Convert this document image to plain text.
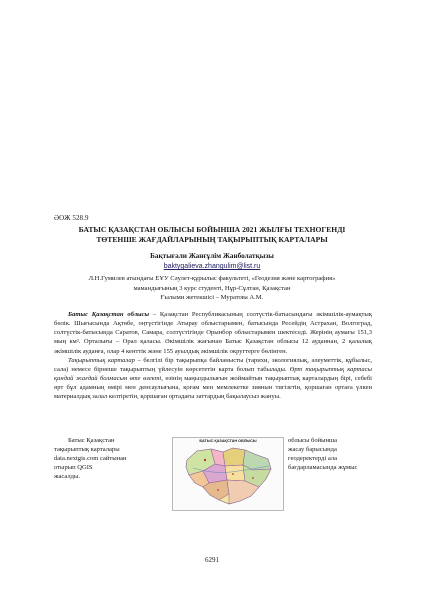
ӘОЖ 528.9
БАТЫС ҚАЗАҚСТАН ОБЛЫСЫ БОЙЫНША 2021 ЖЫЛҒЫ ТЕХНОГЕНДІ
ТӨТЕНШЕ ЖАҒДАЙЛАРЫНЫҢ ТАҚЫРЫПТЫҚ КАРТАЛАРЫ
Бақтығали Жанғұлім Жанболатқызы
baktygalieva.zhangulim@list.ru
Л.Н.Гумилев атындағы ЕҰУ Сәулет-құрылыс факультеті, «Геодезия және картография»
мамандығының 3 курс студенті, Нұр-Сұлтан, Қазақстан
Ғылыми жетекшісі – Муратова А.М.

Батыс Қазақстан облысы – Қазақстан Республикасының солтүстік-батысындағы әкімшілік-аумақтық бөлік. Шығысында Ақтөбе, оңтүстігінде Атырау облыстарымен, батысында Ресейдің Астрахан, Волгоград, солтүстік-батысында Саратов, Самара, солтүстігінде Орынбор облыстарымен шектеседі. Жерінің аумағы 151,3 мың км². Орталығы – Орал қаласы. Әкімшілік жағынан Батыс Қазақстан облысы 12 ауданнан, 2 қалалық әкімшілік ауданға, олар 4 кенттік және 155 ауылдық әкімшілік округтерге бөлінген.

Тақырыптық карталар – белгілі бір тақырыпқа байланысты (тарихи, экологиялық, әлеуметтік, құбылыс, сала) немесе бірнеше тақырыптың үйлесуін көрсететін карта болып табылады. Өрт тақырыптық картасы қандай жағдай болмасын өте өзекті, өзінің маңыздылығын жоймайтын тақырыптық карталардың бірі, себебі өрт бұл адамның өмірі мен денсаулығына, қоғам мен мемлекетке зиянын тигізетін, қоршаған ортаға үлкен материалдық залал келтіретін, қоршаған ортадағы заттардың бақылаусыз жануы.

Батыс Қазақстан	облысы бойынша
тақырыптық карталары	жасау барысында
data.nextgis.com сайтынан	геодеректерді ала
отырып QGIS	бағдарламасында жұмыс
жасалды.
БАТЫС ҚАЗАҚСТАН ОБЛЫСЫ
6291
